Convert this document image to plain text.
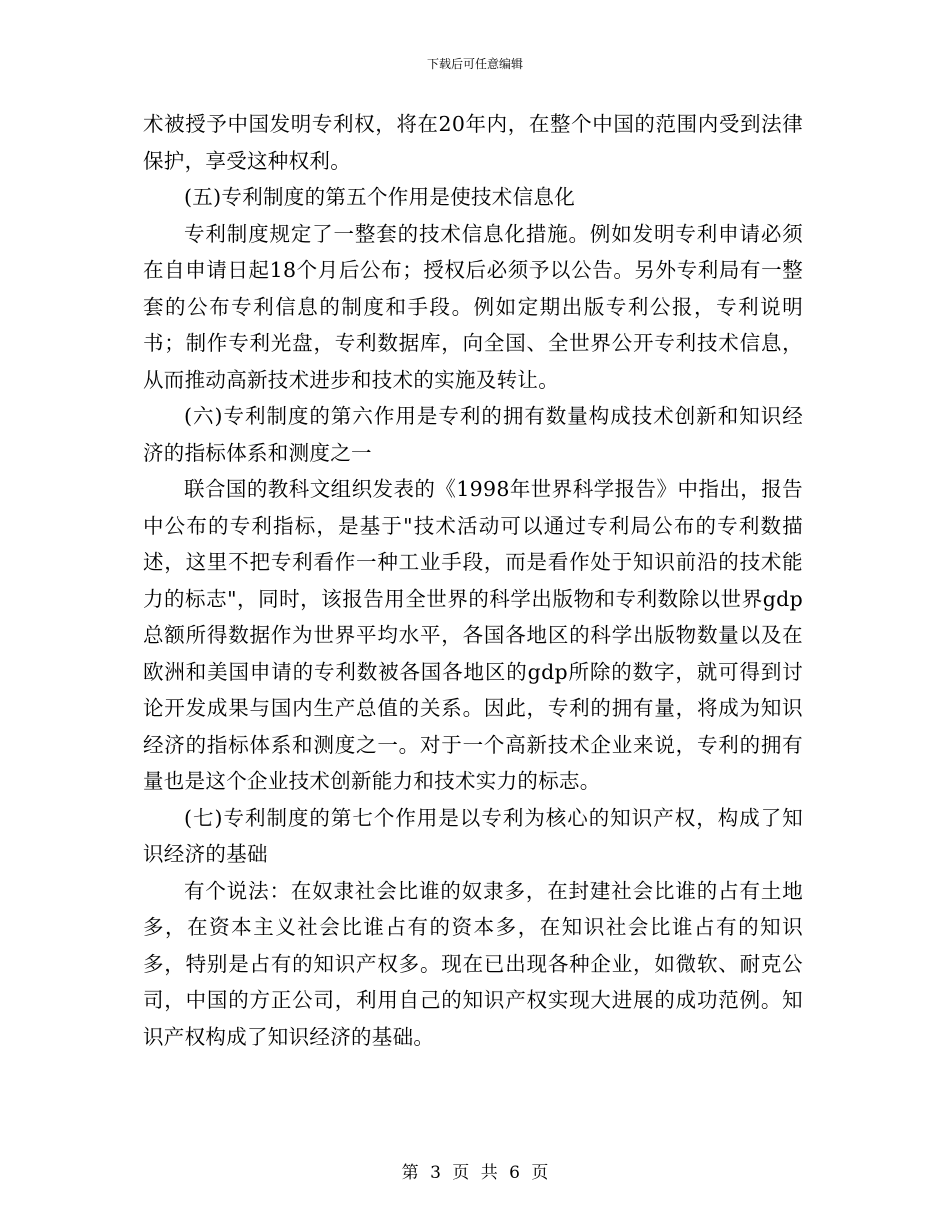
下载后可任意编辑

术被授予中国发明专利权，将在20年内，在整个中国的范围内受到法律保护，享受这种权利。

(五)专利制度的第五个作用是使技术信息化

专利制度规定了一整套的技术信息化措施。例如发明专利申请必须在自申请日起18个月后公布；授权后必须予以公告。另外专利局有一整套的公布专利信息的制度和手段。例如定期出版专利公报，专利说明书；制作专利光盘，专利数据库，向全国、全世界公开专利技术信息，从而推动高新技术进步和技术的实施及转让。

(六)专利制度的第六作用是专利的拥有数量构成技术创新和知识经济的指标体系和测度之一

联合国的教科文组织发表的《1998年世界科学报告》中指出，报告中公布的专利指标，是基于"技术活动可以通过专利局公布的专利数描述，这里不把专利看作一种工业手段，而是看作处于知识前沿的技术能力的标志"，同时，该报告用全世界的科学出版物和专利数除以世界gdp总额所得数据作为世界平均水平，各国各地区的科学出版物数量以及在欧洲和美国申请的专利数被各国各地区的gdp所除的数字，就可得到讨论开发成果与国内生产总值的关系。因此，专利的拥有量，将成为知识经济的指标体系和测度之一。对于一个高新技术企业来说，专利的拥有量也是这个企业技术创新能力和技术实力的标志。

(七)专利制度的第七个作用是以专利为核心的知识产权，构成了知识经济的基础

有个说法：在奴隶社会比谁的奴隶多，在封建社会比谁的占有土地多，在资本主义社会比谁占有的资本多，在知识社会比谁占有的知识多，特别是占有的知识产权多。现在已出现各种企业，如微软、耐克公司，中国的方正公司，利用自己的知识产权实现大进展的成功范例。知识产权构成了知识经济的基础。

第 3 页 共 6 页
